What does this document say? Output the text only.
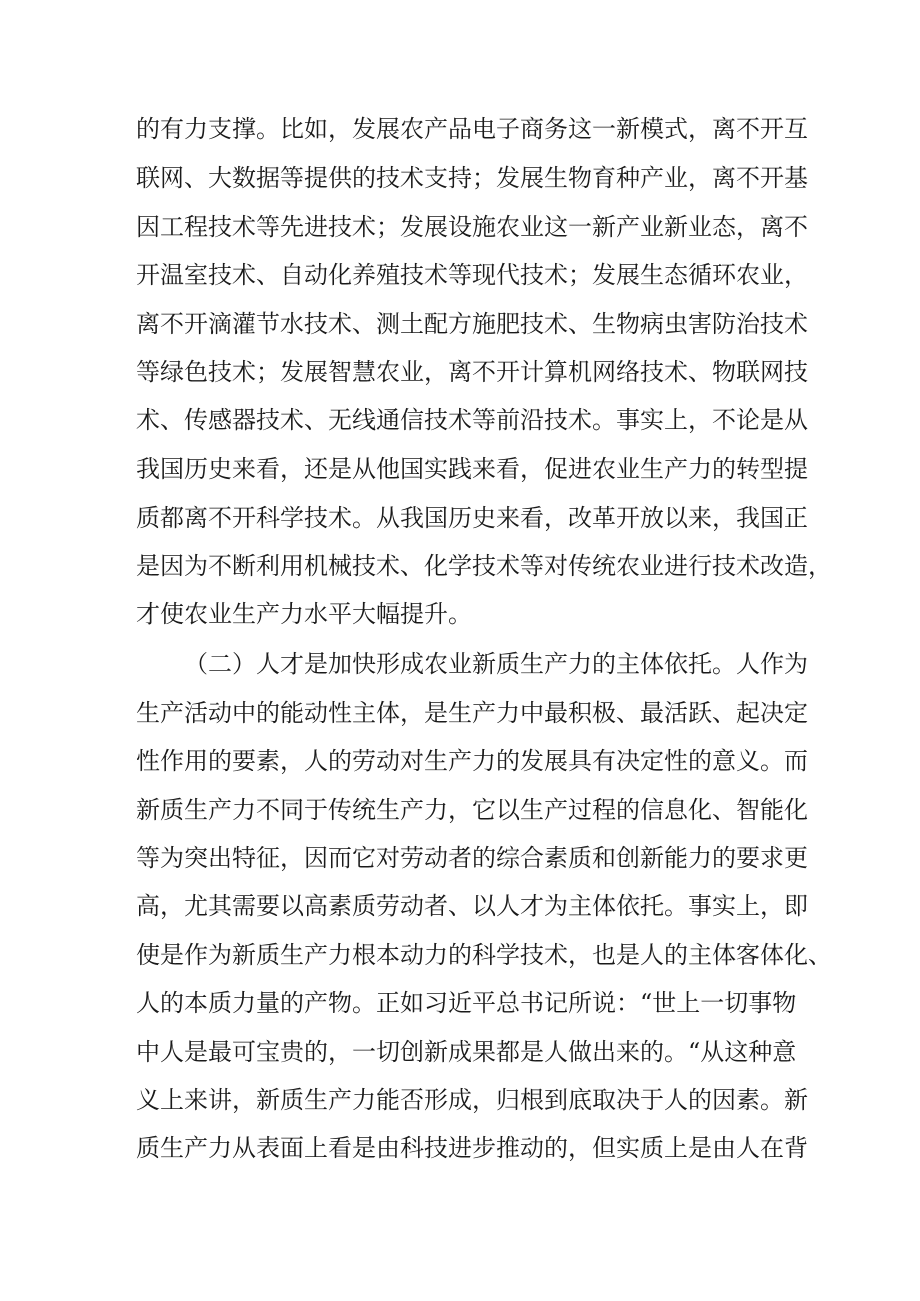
的有力支撑。比如，发展农产品电子商务这一新模式，离不开互
联网、大数据等提供的技术支持；发展生物育种产业，离不开基
因工程技术等先进技术；发展设施农业这一新产业新业态，离不
开温室技术、自动化养殖技术等现代技术；发展生态循环农业，
离不开滴灌节水技术、测土配方施肥技术、生物病虫害防治技术
等绿色技术；发展智慧农业，离不开计算机网络技术、物联网技
术、传感器技术、无线通信技术等前沿技术。事实上，不论是从
我国历史来看，还是从他国实践来看，促进农业生产力的转型提
质都离不开科学技术。从我国历史来看，改革开放以来，我国正
是因为不断利用机械技术、化学技术等对传统农业进行技术改造，
才使农业生产力水平大幅提升。
（二）人才是加快形成农业新质生产力的主体依托。人作为
生产活动中的能动性主体，是生产力中最积极、最活跃、起决定
性作用的要素，人的劳动对生产力的发展具有决定性的意义。而
新质生产力不同于传统生产力，它以生产过程的信息化、智能化
等为突出特征，因而它对劳动者的综合素质和创新能力的要求更
高，尤其需要以高素质劳动者、以人才为主体依托。事实上，即
使是作为新质生产力根本动力的科学技术，也是人的主体客体化、
人的本质力量的产物。正如习近平总书记所说：“世上一切事物
中人是最可宝贵的，一切创新成果都是人做出来的。“从这种意
义上来讲，新质生产力能否形成，归根到底取决于人的因素。新
质生产力从表面上看是由科技进步推动的，但实质上是由人在背
